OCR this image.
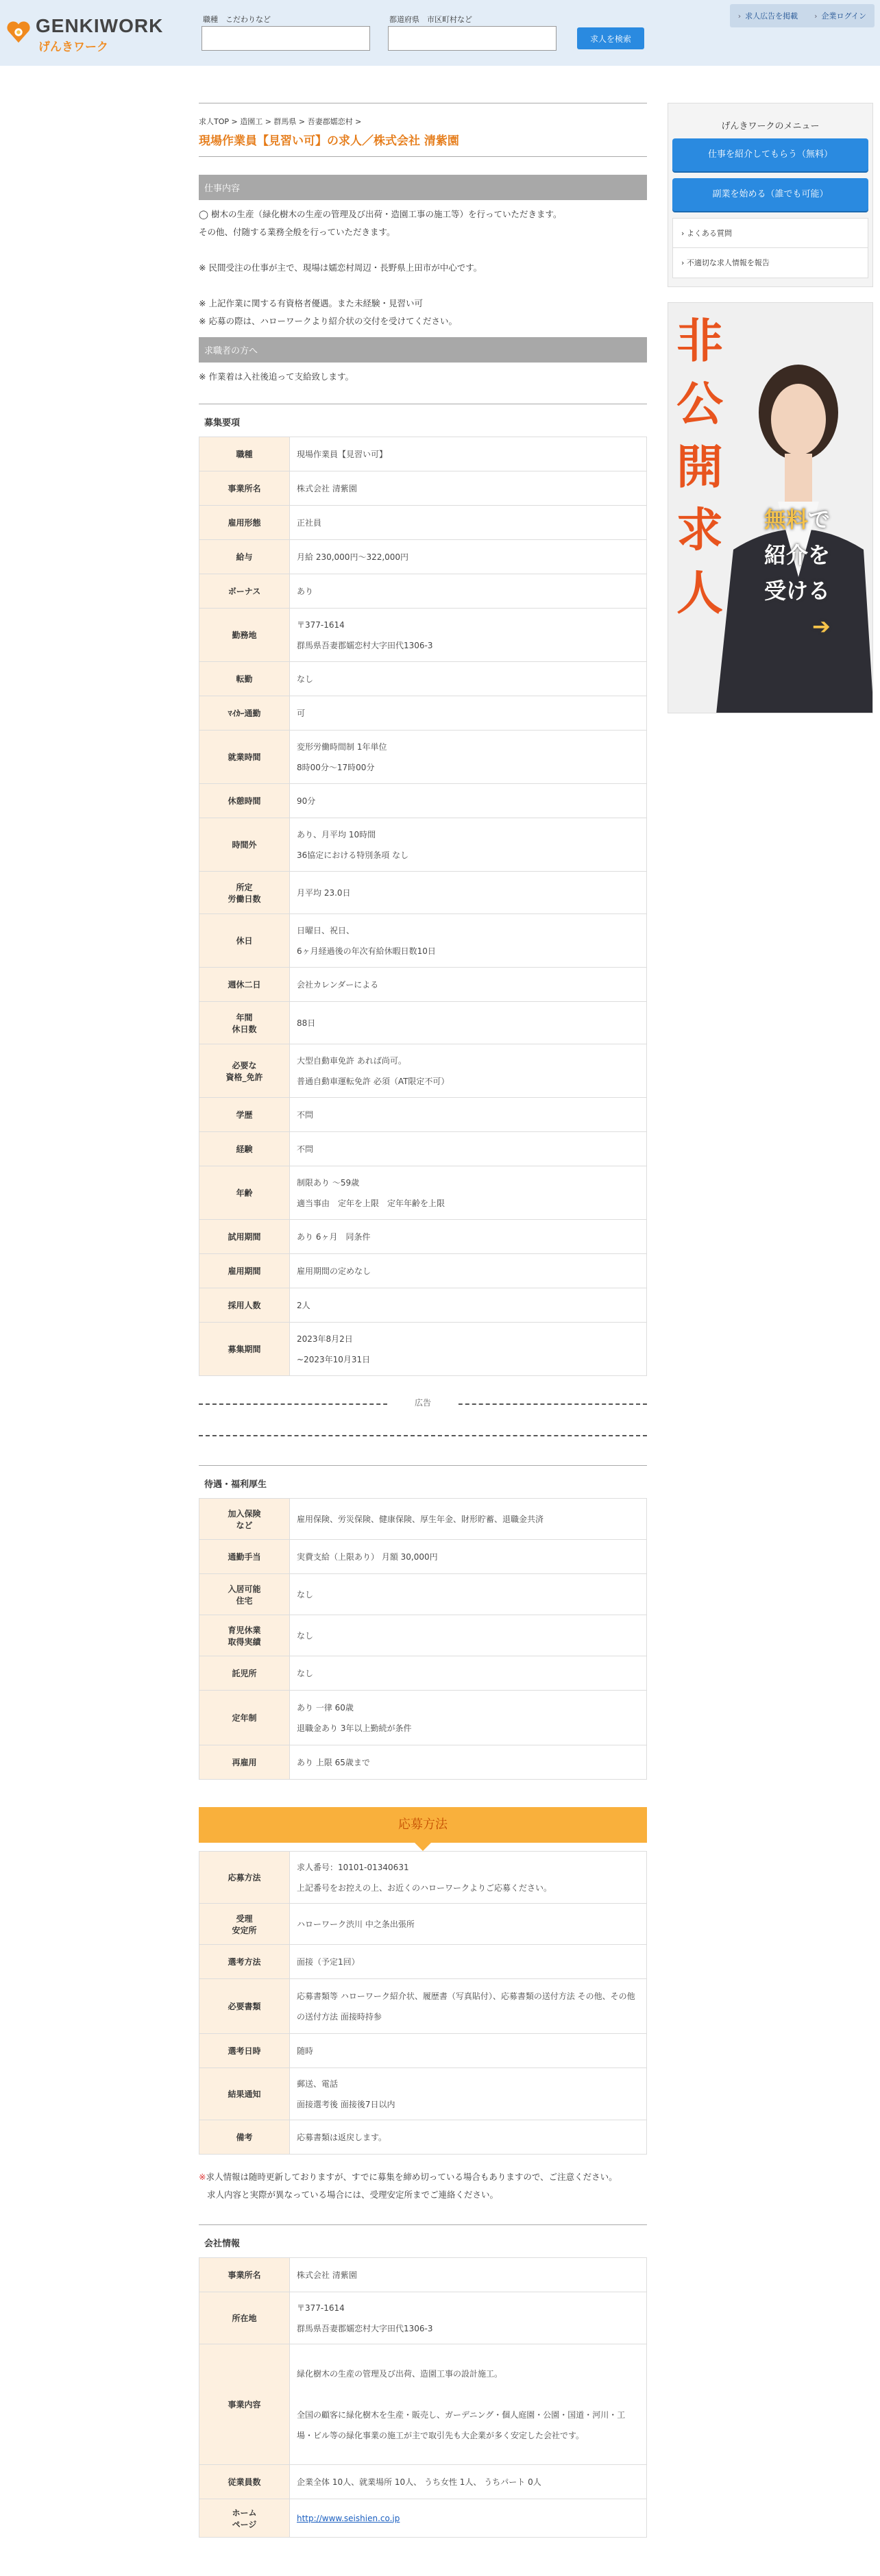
GENKIWORK
げんきワーク
職種　こだわりなど	都道府県　市区町村など
求人を検索
› 求人広告を掲載 › 企業ログイン
求人TOP > 造園工 > 群馬県 > 吾妻郡嬬恋村 >
現場作業員【見習い可】の求人／株式会社 清紫園
仕事内容
◯ 樹木の生産（緑化樹木の生産の管理及び出荷・造園工事の施工等）を行っていただきます。
その他、付随する業務全般を行っていただきます。
※ 民間受注の仕事が主で、現場は嬬恋村周辺・長野県上田市が中心です。
※ 上記作業に関する有資格者優遇。また未経験・見習い可
※ 応募の際は、ハローワークより紹介状の交付を受けてください。
求職者の方へ
※ 作業着は入社後追って支給致します。
募集要項
職種	現場作業員【見習い可】
事業所名	株式会社 清紫園
雇用形態	正社員
給与	月給 230,000円〜322,000円
ボーナス	あり
勤務地	〒377-1614
群馬県吾妻郡嬬恋村大字田代1306-3
転勤	なし
ﾏｲｶｰ通勤	可
就業時間	変形労働時間制 1年単位
8時00分〜17時00分
休憩時間	90分
時間外	あり、月平均 10時間
36協定における特別条項 なし
所定
労働日数	月平均 23.0日
休日	日曜日、祝日、
6ヶ月経過後の年次有給休暇日数10日
週休二日	会社カレンダーによる
年間
休日数	88日
必要な
資格_免許	大型自動車免許 あれば尚可。
普通自動車運転免許 必須（AT限定不可）
学歴	不問
経験	不問
年齢	制限あり 〜59歳
適当事由　定年を上限　定年年齢を上限
試用期間	あり 6ヶ月　同条件
雇用期間	雇用期間の定めなし
採用人数	2人
募集期間	2023年8月2日
~2023年10月31日
広告
待遇・福利厚生
加入保険
など	雇用保険、労災保険、健康保険、厚生年金、財形貯蓄、退職金共済
通勤手当	実費支給（上限あり） 月額 30,000円
入居可能
住宅	なし
育児休業
取得実績	なし
託児所	なし
定年制	あり 一律 60歳
退職金あり 3年以上勤続が条件
再雇用	あり 上限 65歳まで
応募方法
応募方法	求人番号：10101-01340631
上記番号をお控えの上、お近くのハローワークよりご応募ください。
受理
安定所	ハローワーク渋川 中之条出張所
選考方法	面接（予定1回）
必要書類	応募書類等 ハローワーク紹介状、履歴書（写真貼付）、応募書類の送付方法 その他、その他の送付方法 面接時持参
選考日時	随時
結果通知	郵送、電話
面接選考後 面接後7日以内
備考	応募書類は返戻します。
※求人情報は随時更新しておりますが、すでに募集を締め切っている場合もありますので、ご注意ください。
求人内容と実際が異なっている場合には、受理安定所までご連絡ください。
会社情報
事業所名	株式会社 清紫園
所在地	〒377-1614
群馬県吾妻郡嬬恋村大字田代1306-3
事業内容	緑化樹木の生産の管理及び出荷、造園工事の設計施工。

全国の顧客に緑化樹木を生産・販売し、ガーデニング・個人庭園・公園・国道・河川・工場・ビル等の緑化事業の施工が主で取引先も大企業が多く安定した会社です。
従業員数	企業全体 10人、就業場所 10人、 うち女性 1人、 うちパート 0人
ホーム
ページ	http://www.seishien.co.jp
げんきワークのメニュー
仕事を紹介してもらう（無料）
副業を始める（誰でも可能）
› よくある質問
› 不適切な求人情報を報告
非公開求人
無料で
紹介を
受ける
➔
